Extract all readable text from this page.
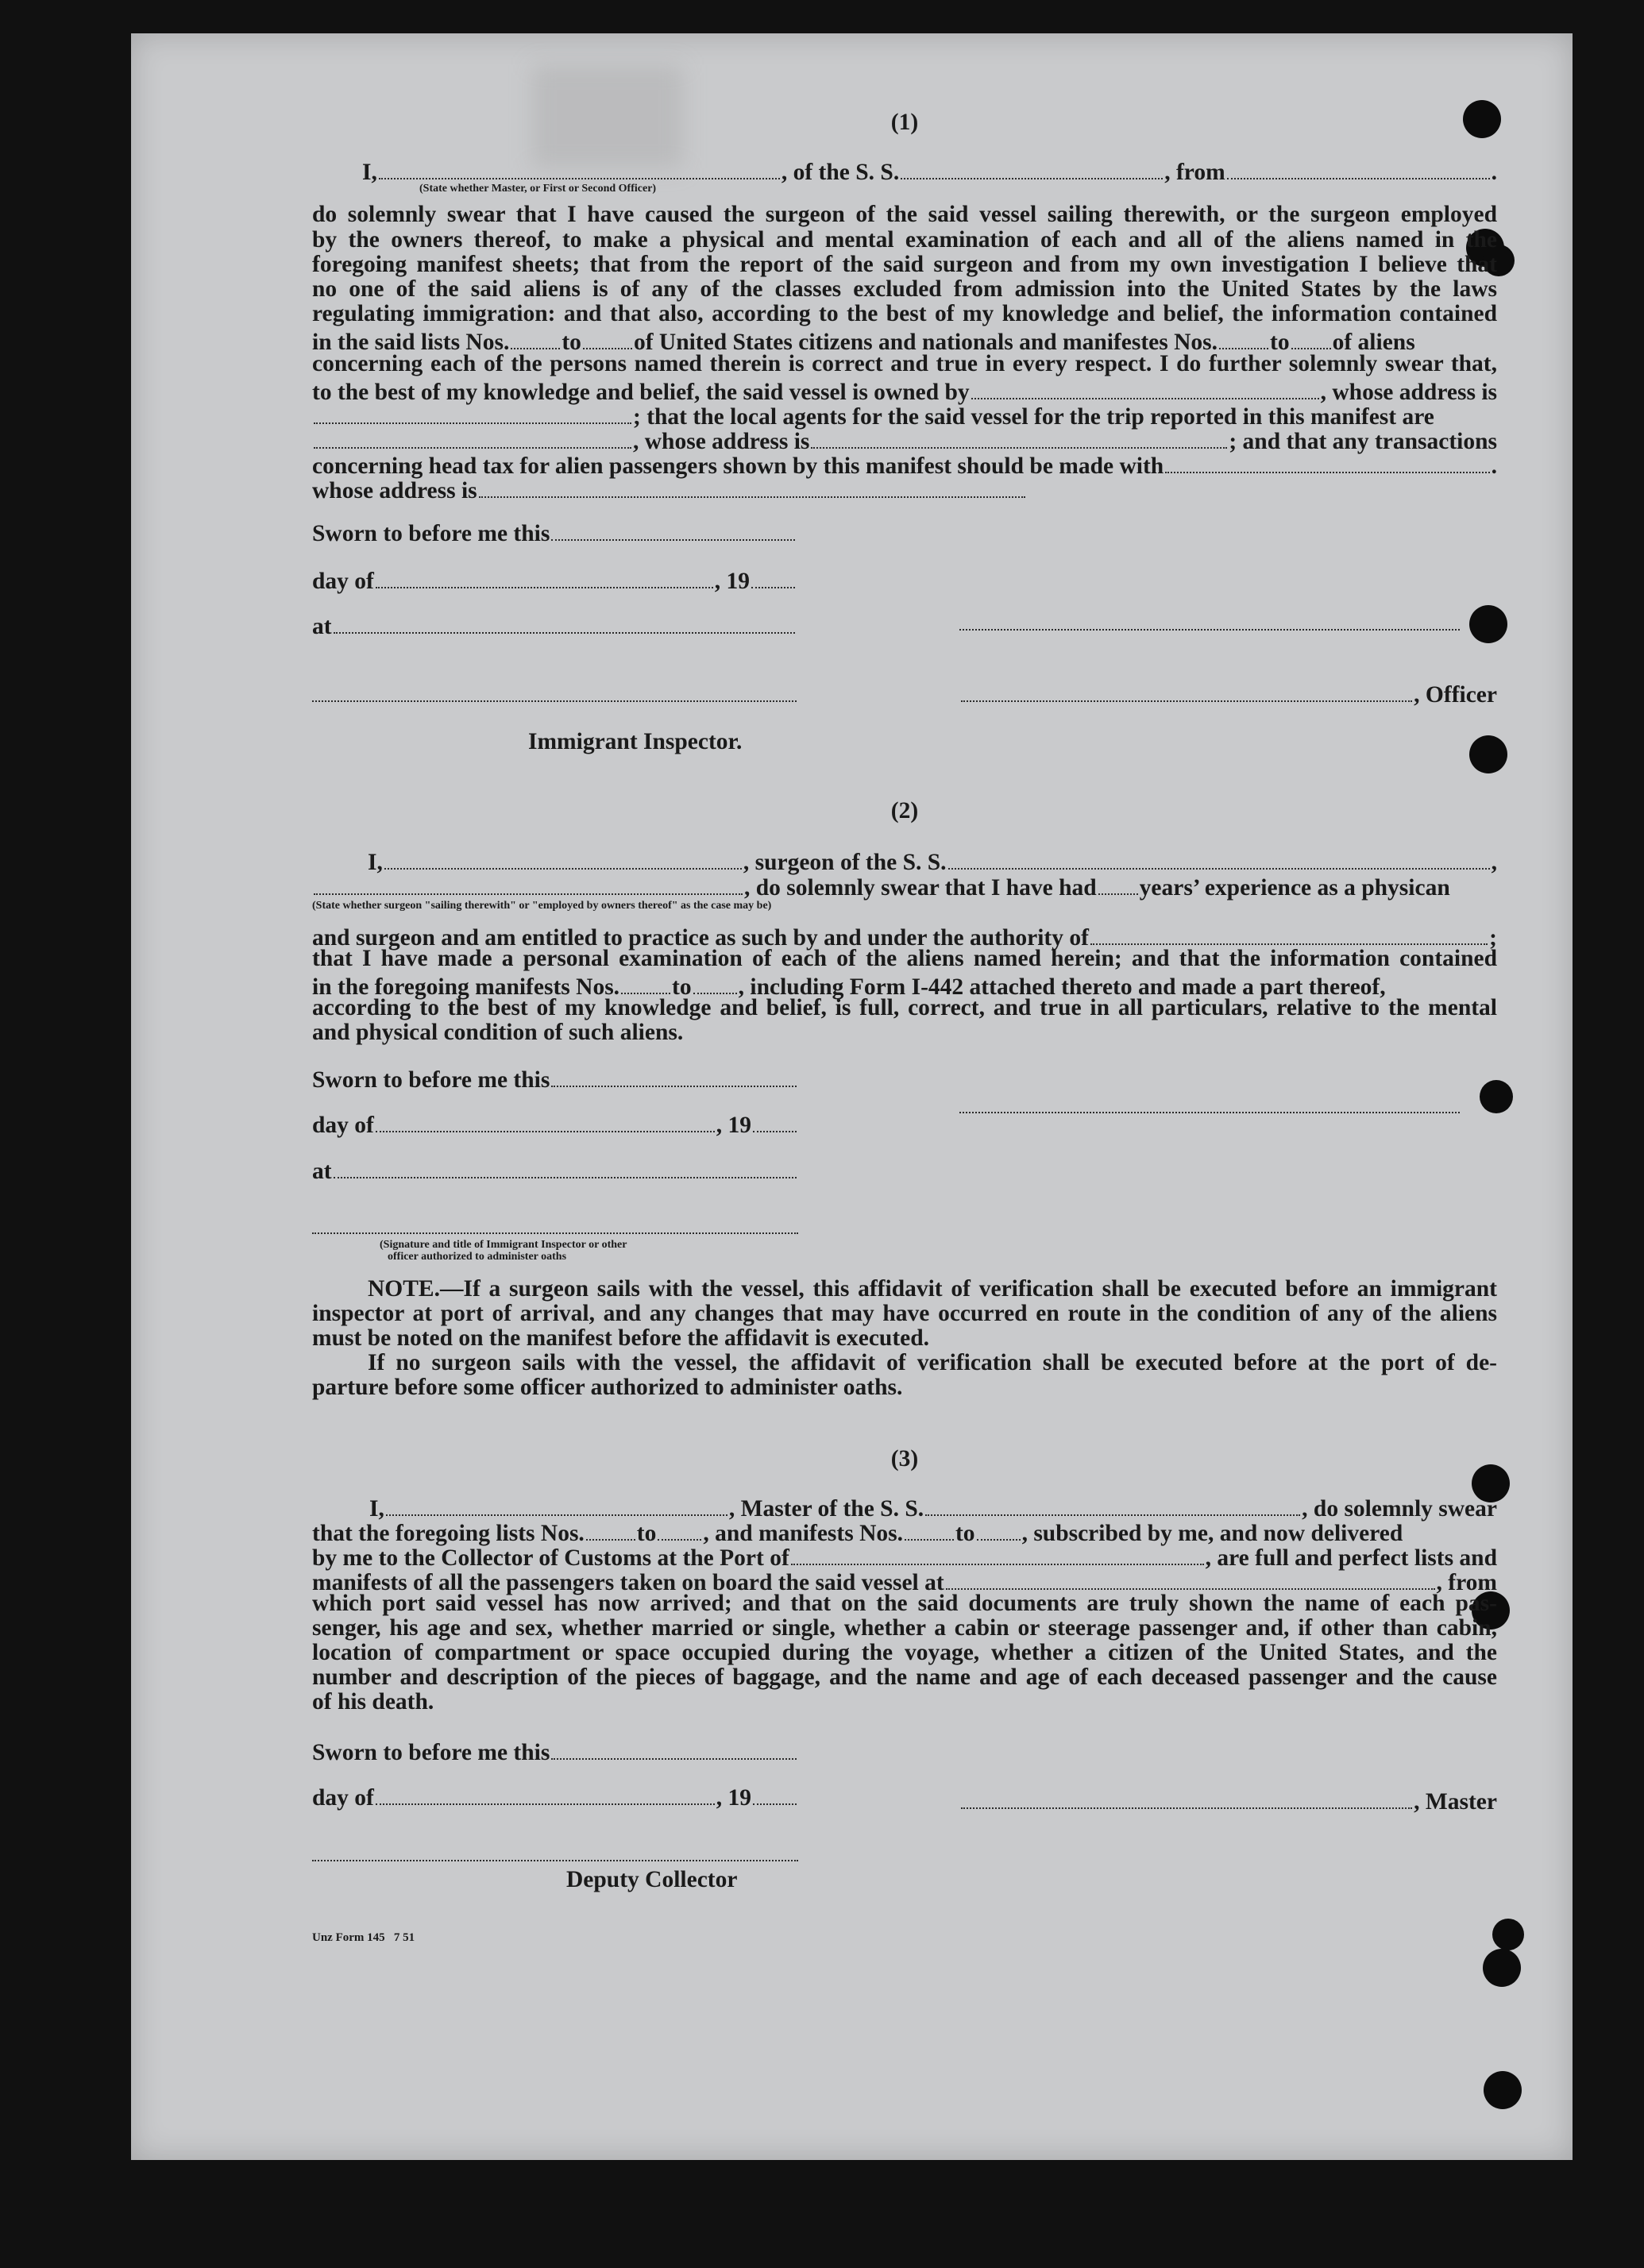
(1)
I,	, of the S. S.	, from	.
(State whether Master, or First or Second Officer)
do solemnly swear that I have caused the surgeon of the said vessel sailing therewith, or the surgeon employed
by the owners thereof, to make a physical and mental examination of each and all of the aliens named in the
foregoing manifest sheets; that from the report of the said surgeon and from my own investigation I believe that
no one of the said aliens is of any of the classes excluded from admission into the United States by the laws
regulating immigration: and that also, according to the best of my knowledge and belief, the information contained
in the said lists Nos. to of United States citizens and nationals and manifestes Nos. to of aliens
concerning each of the persons named therein is correct and true in every respect. I do further solemnly swear that,
to the best of my knowledge and belief, the said vessel is owned by	, whose address is
; that the local agents for the said vessel for the trip reported in this manifest are
, whose address is	; and that any transactions
concerning head tax for alien passengers shown by this manifest should be made with	.
whose address is
Sworn to before me this
day of	, 19
at
, Officer
Immigrant Inspector.
(2)
I,	, surgeon of the S. S.	,
, do solemnly swear that I have had years’ experience as a physican
(State whether surgeon "sailing therewith" or "employed by owners thereof" as the case may be)
and surgeon and am entitled to practice as such by and under the authority of	;
that I have made a personal examination of each of the aliens named herein; and that the information contained
in the foregoing manifests Nos. to , including Form I-442 attached thereto and made a part thereof,
according to the best of my knowledge and belief, is full, correct, and true in all particulars, relative to the mental
and physical condition of such aliens.
Sworn to before me this
day of	, 19
at
(Signature and title of Immigrant Inspector or other
officer authorized to administer oaths
NOTE.—If a surgeon sails with the vessel, this affidavit of verification shall be executed before an immigrant
inspector at port of arrival, and any changes that may have occurred en route in the condition of any of the aliens
must be noted on the manifest before the affidavit is executed.
If no surgeon sails with the vessel, the affidavit of verification shall be executed before at the port of de-
parture before some officer authorized to administer oaths.
(3)
I,	, Master of the S. S.	, do solemnly swear
that the foregoing lists Nos. to , and manifests Nos. to , subscribed by me, and now delivered
by me to the Collector of Customs at the Port of	, are full and perfect lists and
manifests of all the passengers taken on board the said vessel at	, from
which port said vessel has now arrived; and that on the said documents are truly shown the name of each pas-
senger, his age and sex, whether married or single, whether a cabin or steerage passenger and, if other than cabin,
location of compartment or space occupied during the voyage, whether a citizen of the United States, and the
number and description of the pieces of baggage, and the name and age of each deceased passenger and the cause
of his death.
Sworn to before me this
day of	, 19	, Master
Deputy Collector
Unz Form 145   7 51
